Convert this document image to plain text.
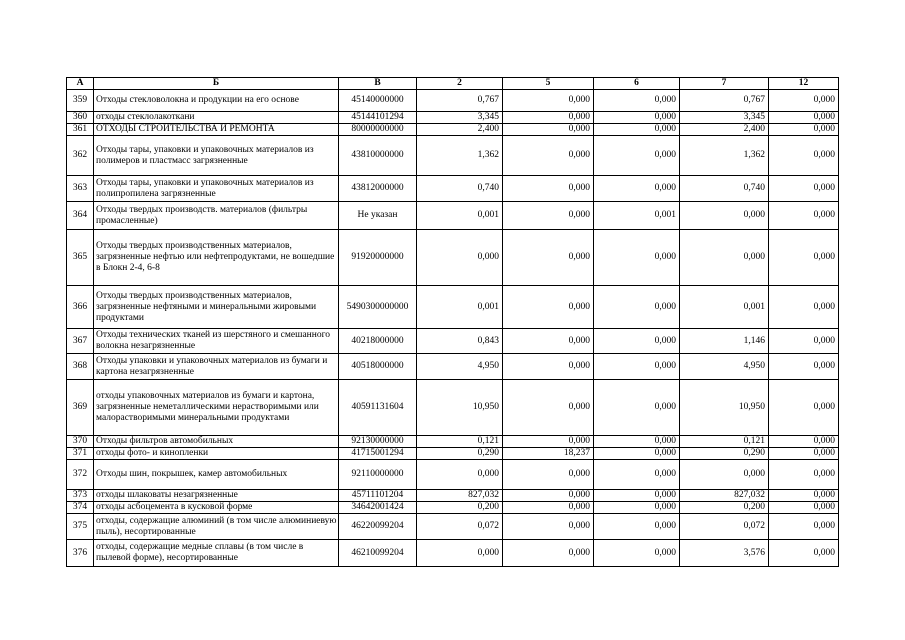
А	Б	В	2	5	6	7	12
359	Отходы стекловолокна и продукции на его основе	45140000000	0,767	0,000	0,000	0,767	0,000
360	отходы стеклолакоткани	45144101294	3,345	0,000	0,000	3,345	0,000
361	ОТХОДЫ СТРОИТЕЛЬСТВА И РЕМОНТА	80000000000	2,400	0,000	0,000	2,400	0,000
362	Отходы тары, упаковки и упаковочных материалов из полимеров и пластмасс загрязненные	43810000000	1,362	0,000	0,000	1,362	0,000
363	Отходы тары, упаковки и упаковочных материалов из полипропилена загрязненные	43812000000	0,740	0,000	0,000	0,740	0,000
364	Отходы твердых производств. материалов (фильтры промасленные)	Не указан	0,001	0,000	0,001	0,000	0,000
365	Отходы твердых производственных материалов, загрязненные нефтью или нефтепродуктами, не вошедшие в Блокн 2-4, 6-8	91920000000	0,000	0,000	0,000	0,000	0,000
366	Отходы твердых производственных материалов, загрязненные нефтяными и минеральными жировыми продуктами	5490300000000	0,001	0,000	0,000	0,001	0,000
367	Отходы технических тканей из шерстяного и смешанного волокна незагрязненные	40218000000	0,843	0,000	0,000	1,146	0,000
368	Отходы упаковки и упаковочных материалов из бумаги и картона незагрязненные	40518000000	4,950	0,000	0,000	4,950	0,000
369	отходы упаковочных материалов из бумаги и картона, загрязненные неметаллическими нерастворимыми или малорастворимыми минеральными продуктами	40591131604	10,950	0,000	0,000	10,950	0,000
370	Отходы фильтров автомобильных	92130000000	0,121	0,000	0,000	0,121	0,000
371	отходы фото- и кинопленки	41715001294	0,290	18,237	0,000	0,290	0,000
372	Отходы шин, покрышек, камер автомобильных	92110000000	0,000	0,000	0,000	0,000	0,000
373	отходы шлаковаты незагрязненные	45711101204	827,032	0,000	0,000	827,032	0,000
374	отходы асбоцемента в кусковой форме	34642001424	0,200	0,000	0,000	0,200	0,000
375	отходы, содержащие алюминий (в том числе алюминиевую пыль), несортированные	46220099204	0,072	0,000	0,000	0,072	0,000
376	отходы, содержащие медные сплавы (в том числе в пылевой форме), несортированные	46210099204	0,000	0,000	0,000	3,576	0,000
